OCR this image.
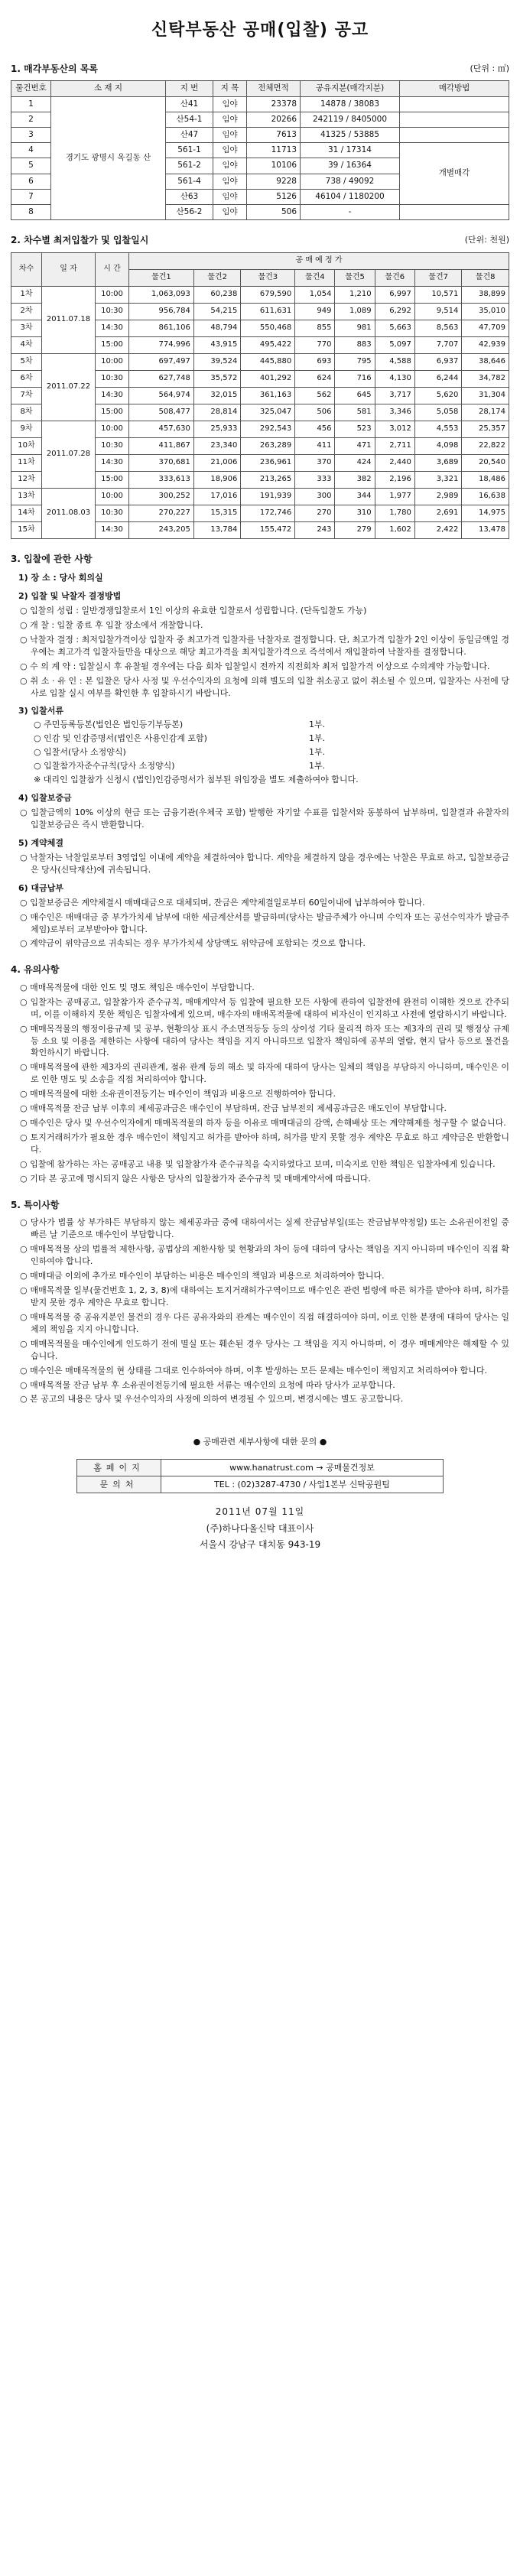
신탁부동산 공매(입찰) 공고
1. 매각부동산의 목록	(단위 : ㎡)
물건번호	소 재 지	지 번	지 목	전체면적	공유지분(매각지분)	매각방법
1	경기도 광명시 옥길동 산	산41	임야	23378	14878 / 38083	
2		산54-1	임야	20266	242119 / 8405000	
3		산47	임야	7613	41325 / 53885	
4		561-1	임야	11713	31 / 17314	개별매각
5		561-2	임야	10106	39 / 16364	
6		561-4	임야	9228	738 / 49092	
7		산63	임야	5126	46104 / 1180200	
8		산56-2	임야	506	-	
2. 차수별 최저입찰가 및 입찰일시	(단위: 천원)
차수	일 자	시 간	공 매 예 정 가							
			물건1	물건2	물건3	물건4	물건5	물건6	물건7	물건8
1차	2011.07.18	10:00	1,063,093	60,238	679,590	1,054	1,210	6,997	10,571	38,899
2차		10:30	956,784	54,215	611,631	949	1,089	6,292	9,514	35,010
3차		14:30	861,106	48,794	550,468	855	981	5,663	8,563	47,709
4차		15:00	774,996	43,915	495,422	770	883	5,097	7,707	42,939
5차	2011.07.22	10:00	697,497	39,524	445,880	693	795	4,588	6,937	38,646
6차		10:30	627,748	35,572	401,292	624	716	4,130	6,244	34,782
7차		14:30	564,974	32,015	361,163	562	645	3,717	5,620	31,304
8차		15:00	508,477	28,814	325,047	506	581	3,346	5,058	28,174
9차	2011.07.28	10:00	457,630	25,933	292,543	456	523	3,012	4,553	25,357
10차		10:30	411,867	23,340	263,289	411	471	2,711	4,098	22,822
11차		14:30	370,681	21,006	236,961	370	424	2,440	3,689	20,540
12차		15:00	333,613	18,906	213,265	333	382	2,196	3,321	18,486
13차	2011.08.03	10:00	300,252	17,016	191,939	300	344	1,977	2,989	16,638
14차		10:30	270,227	15,315	172,746	270	310	1,780	2,691	14,975
15차		14:30	243,205	13,784	155,472	243	279	1,602	2,422	13,478
3. 입찰에 관한 사항
1) 장 소 : 당사 회의실
2) 입찰 및 낙찰자 결정방법
○ 입찰의 성립 : 일반경쟁입찰로서 1인 이상의 유효한 입찰로서 성립합니다. (단독입찰도 가능)
○ 개 찰 : 입찰 종료 후 입찰 장소에서 개찰합니다.
○ 낙찰자 결정 : 최저입찰가격이상 입찰자 중 최고가격 입찰자를 낙찰자로 결정합니다. 단, 최고가격 입찰가 2인 이상이 동일금액일 경우에는 최고가격 입찰자들만을 대상으로 해당 최고가격을 최저입찰가격으로 즉석에서 재입찰하여 낙찰자를 결정합니다.
○ 수 의 계 약 : 입찰실시 후 유찰될 경우에는 다음 회차 입찰일시 전까지 직전회차 최저 입찰가격 이상으로 수의계약 가능합니다.
○ 취 소 · 유 인 : 본 입찰은 당사 사정 및 우선수익자의 요청에 의해 별도의 입찰 취소공고 없이 취소될 수 있으며, 입찰자는 사전에 당사로 입찰 실시 여부를 확인한 후 입찰하시기 바랍니다.
3) 입찰서류
○ 주민등록등본(법인은 법인등기부등본)	1부.
○ 인감 및 인감증명서(법인은 사용인감계 포함)	1부.
○ 입찰서(당사 소정양식)	1부.
○ 입찰참가자준수규칙(당사 소정양식)	1부.
※ 대리인 입찰참가 신청시 (법인)인감증명서가 첨부된 위임장을 별도 제출하여야 합니다.
4) 입찰보증금
○ 입찰금액의 10% 이상의 현금 또는 금융기관(우체국 포함) 발행한 자기앞 수표를 입찰서와 동봉하여 납부하며, 입찰결과 유찰자의 입찰보증금은 즉시 반환합니다.
5) 계약체결
○ 낙찰자는 낙찰일로부터 3영업일 이내에 계약을 체결하여야 합니다. 계약을 체결하지 않을 경우에는 낙찰은 무효로 하고, 입찰보증금은 당사(신탁재산)에 귀속됩니다.
6) 대금납부
○ 입찰보증금은 계약체결시 매매대금으로 대체되며, 잔금은 계약체결일로부터 60일이내에 납부하여야 합니다.
○ 매수인은 매매대금 중 부가가치세 납부에 대한 세금계산서를 발급하며(당사는 발급주체가 아니며 수익자 또는 공선수익자가 발급주체임)로부터 교부받아야 합니다.
○ 계약금이 위약금으로 귀속되는 경우 부가가치세 상당액도 위약금에 포함되는 것으로 합니다.
4. 유의사항
○ 매매목적물에 대한 인도 및 명도 책임은 매수인이 부담합니다.
○ 입찰자는 공매공고, 입찰참가자 준수규칙, 매매계약서 등 입찰에 필요한 모든 사항에 관하여 입찰전에 완전히 이해한 것으로 간주되며, 이를 이해하지 못한 책임은 입찰자에게 있으며, 매수자의 매매목적물에 대하여 비자신이 인지하고 사전에 열람하시기 바랍니다.
○ 매매목적물의 행정이용규제 및 공부, 현황의상 표시 주소면적등등 등의 상이성 기타 물리적 하자 또는 제3자의 권리 및 행정상 규제 등 소요 및 이용을 제한하는 사항에 대하여 당사는 책임을 지지 아니하므로 입찰자 책임하에 공부의 열람, 현지 답사 등으로 물건을 확인하시기 바랍니다.
○ 매매목적물에 관한 제3자의 권리관계, 점유 관계 등의 해소 및 하자에 대하여 당사는 일체의 책임을 부담하지 아니하며, 매수인은 이로 인한 명도 및 소송을 직접 처리하여야 합니다.
○ 매매목적물에 대한 소유권이전등기는 매수인이 책임과 비용으로 진행하여야 합니다.
○ 매매목적물 잔금 납부 이후의 제세공과금은 매수인이 부담하며, 잔금 납부전의 제세공과금은 매도인이 부담합니다.
○ 매수인은 당사 및 우선수익자에게 매매목적물의 하자 등을 이유로 매매대금의 감액, 손해배상 또는 계약해제를 청구할 수 없습니다.
○ 토지거래허가가 필요한 경우 매수인이 책임지고 허가를 받아야 하며, 허가를 받지 못할 경우 계약은 무효로 하고 계약금은 반환합니다.
○ 입찰에 참가하는 자는 공매공고 내용 및 입찰참가자 준수규칙을 숙지하였다고 보며, 미숙지로 인한 책임은 입찰자에게 있습니다.
○ 기타 본 공고에 명시되지 않은 사항은 당사의 입찰참가자 준수규칙 및 매매계약서에 따릅니다.
5. 특이사항
○ 당사가 법률 상 부가하든 부담하지 않는 제세공과금 중에 대하여서는 실제 잔금납부일(또는 잔금납부약정일) 또는 소유권이전일 중 빠른 날 기준으로 매수인이 부담합니다.
○ 매매목적물 상의 법률적 제한사항, 공법상의 제한사항 및 현황과의 차이 등에 대하여 당사는 책임을 지지 아니하며 매수인이 직접 확인하여야 합니다.
○ 매매대금 이외에 추가로 매수인이 부담하는 비용은 매수인의 책임과 비용으로 처리하여야 합니다.
○ 매매목적물 일부(물건번호 1, 2, 3, 8)에 대하여는 토지거래허가구역이므로 매수인은 관련 법령에 따른 허가를 받아야 하며, 허가를 받지 못한 경우 계약은 무효로 합니다.
○ 매매목적물 중 공유지분인 물건의 경우 다른 공유자와의 관계는 매수인이 직접 해결하여야 하며, 이로 인한 분쟁에 대하여 당사는 일체의 책임을 지지 아니합니다.
○ 매매목적물을 매수인에게 인도하기 전에 멸실 또는 훼손된 경우 당사는 그 책임을 지지 아니하며, 이 경우 매매계약은 해제할 수 있습니다.
○ 매수인은 매매목적물의 현 상태를 그대로 인수하여야 하며, 이후 발생하는 모든 문제는 매수인이 책임지고 처리하여야 합니다.
○ 매매목적물 잔금 납부 후 소유권이전등기에 필요한 서류는 매수인의 요청에 따라 당사가 교부합니다.
○ 본 공고의 내용은 당사 및 우선수익자의 사정에 의하여 변경될 수 있으며, 변경시에는 별도 공고합니다.
● 공매관련 세부사항에 대한 문의 ●
홈페이지	www.hanatrust.com → 공매물건정보
문의처	TEL : (02)3287-4730 / 사업1본부 신탁공원팀
2011년 07월 11일
(주)하나다올신탁 대표이사
서울시 강남구 대치동 943-19
